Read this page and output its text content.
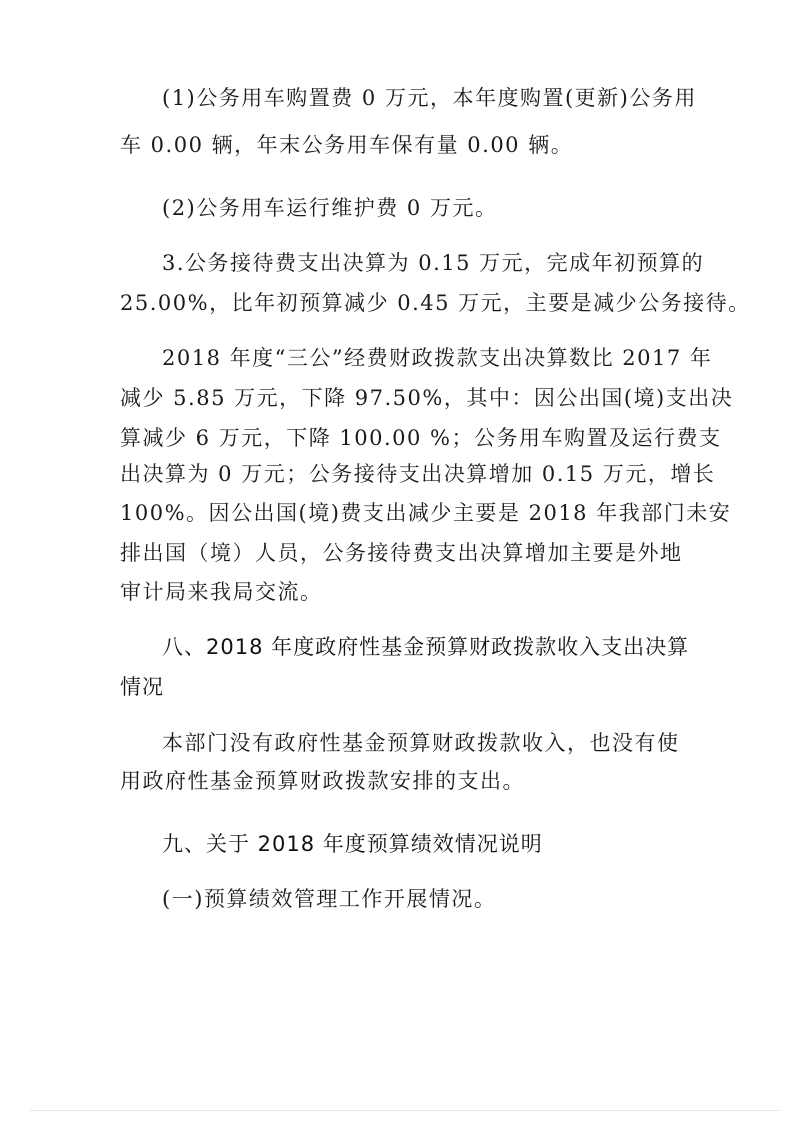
(1)公务用车购置费 0 万元，本年度购置(更新)公务用
车 0.00 辆，年末公务用车保有量 0.00 辆。
(2)公务用车运行维护费 0 万元。
3.公务接待费支出决算为 0.15 万元，完成年初预算的
25.00%，比年初预算减少 0.45 万元，主要是减少公务接待。
2018 年度“三公”经费财政拨款支出决算数比 2017 年
减少 5.85 万元，下降 97.50%，其中：因公出国(境)支出决
算减少 6 万元，下降 100.00 %；公务用车购置及运行费支
出决算为 0 万元；公务接待支出决算增加 0.15 万元，增长
100%。因公出国(境)费支出减少主要是 2018 年我部门未安
排出国（境）人员，公务接待费支出决算增加主要是外地
审计局来我局交流。
八、2018 年度政府性基金预算财政拨款收入支出决算
情况
本部门没有政府性基金预算财政拨款收入，也没有使
用政府性基金预算财政拨款安排的支出。
九、关于 2018 年度预算绩效情况说明
(一)预算绩效管理工作开展情况。
